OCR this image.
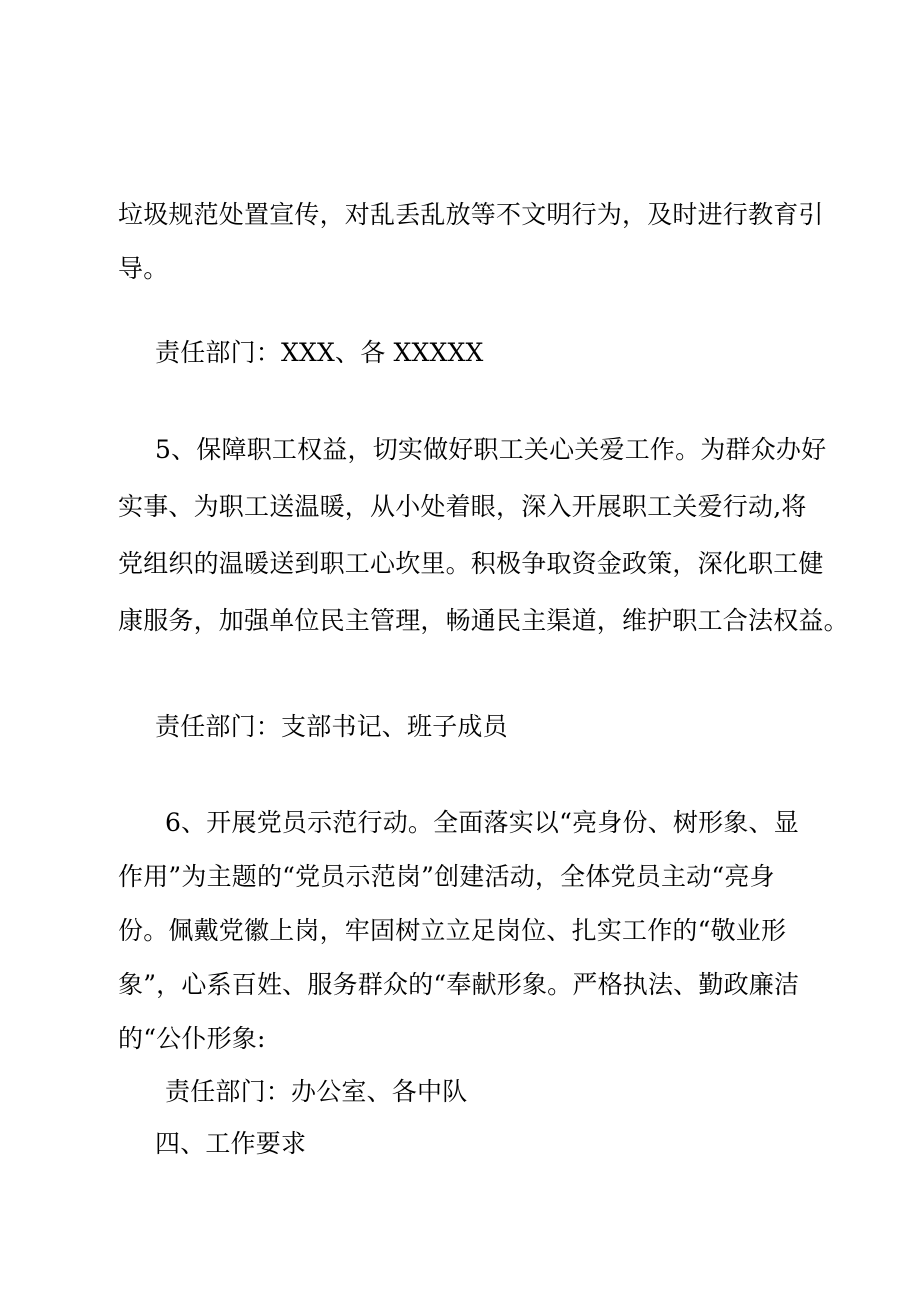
垃圾规范处置宣传，对乱丢乱放等不文明行为，及时进行教育引
导。
责任部门：XXX、各 XXXXX
5、保障职工权益，切实做好职工关心关爱工作。为群众办好
实事、为职工送温暖，从小处着眼，深入开展职工关爱行动,将
党组织的温暖送到职工心坎里。积极争取资金政策，深化职工健
康服务，加强单位民主管理，畅通民主渠道，维护职工合法权益。
责任部门：支部书记、班子成员
6、开展党员示范行动。全面落实以“亮身份、树形象、显
作用”为主题的“党员示范岗”创建活动，全体党员主动“亮身
份。佩戴党徽上岗，牢固树立立足岗位、扎实工作的“敬业形
象”，心系百姓、服务群众的“奉献形象。严格执法、勤政廉洁
的“公仆形象:
责任部门：办公室、各中队
四、工作要求
